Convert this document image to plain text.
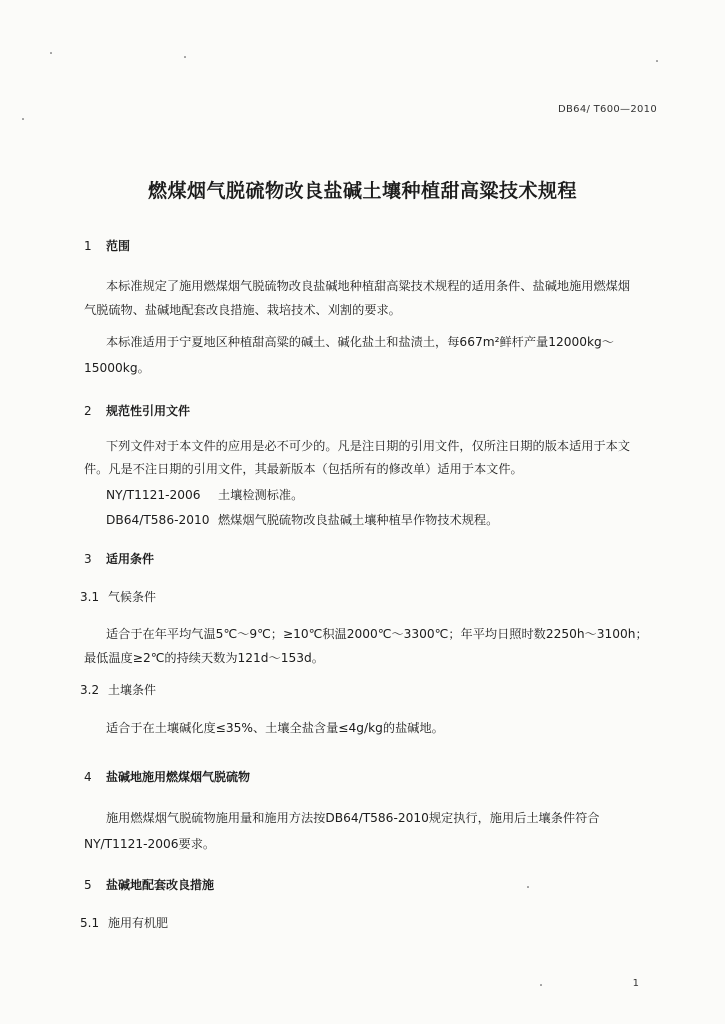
DB64/ T600—2010
燃煤烟气脱硫物改良盐碱土壤种植甜高粱技术规程
1 范围
本标准规定了施用燃煤烟气脱硫物改良盐碱地种植甜高粱技术规程的适用条件、盐碱地施用燃煤烟
气脱硫物、盐碱地配套改良措施、栽培技术、刈割的要求。
本标准适用于宁夏地区种植甜高粱的碱土、碱化盐土和盐渍土，每667m²鲜杆产量12000kg～
15000kg。
2 规范性引用文件
下列文件对于本文件的应用是必不可少的。凡是注日期的引用文件，仅所注日期的版本适用于本文
件。凡是不注日期的引用文件，其最新版本（包括所有的修改单）适用于本文件。
NY/T1121-2006 土壤检测标准。
DB64/T586-2010 燃煤烟气脱硫物改良盐碱土壤种植旱作物技术规程。
3 适用条件
3.1 气候条件
适合于在年平均气温5℃～9℃；≥10℃积温2000℃～3300℃；年平均日照时数2250h～3100h；
最低温度≥2℃的持续天数为121d～153d。
3.2 土壤条件
适合于在土壤碱化度≤35%、土壤全盐含量≤4g/kg的盐碱地。
4 盐碱地施用燃煤烟气脱硫物
施用燃煤烟气脱硫物施用量和施用方法按DB64/T586-2010规定执行，施用后土壤条件符合
NY/T1121-2006要求。
5 盐碱地配套改良措施
5.1 施用有机肥
1
